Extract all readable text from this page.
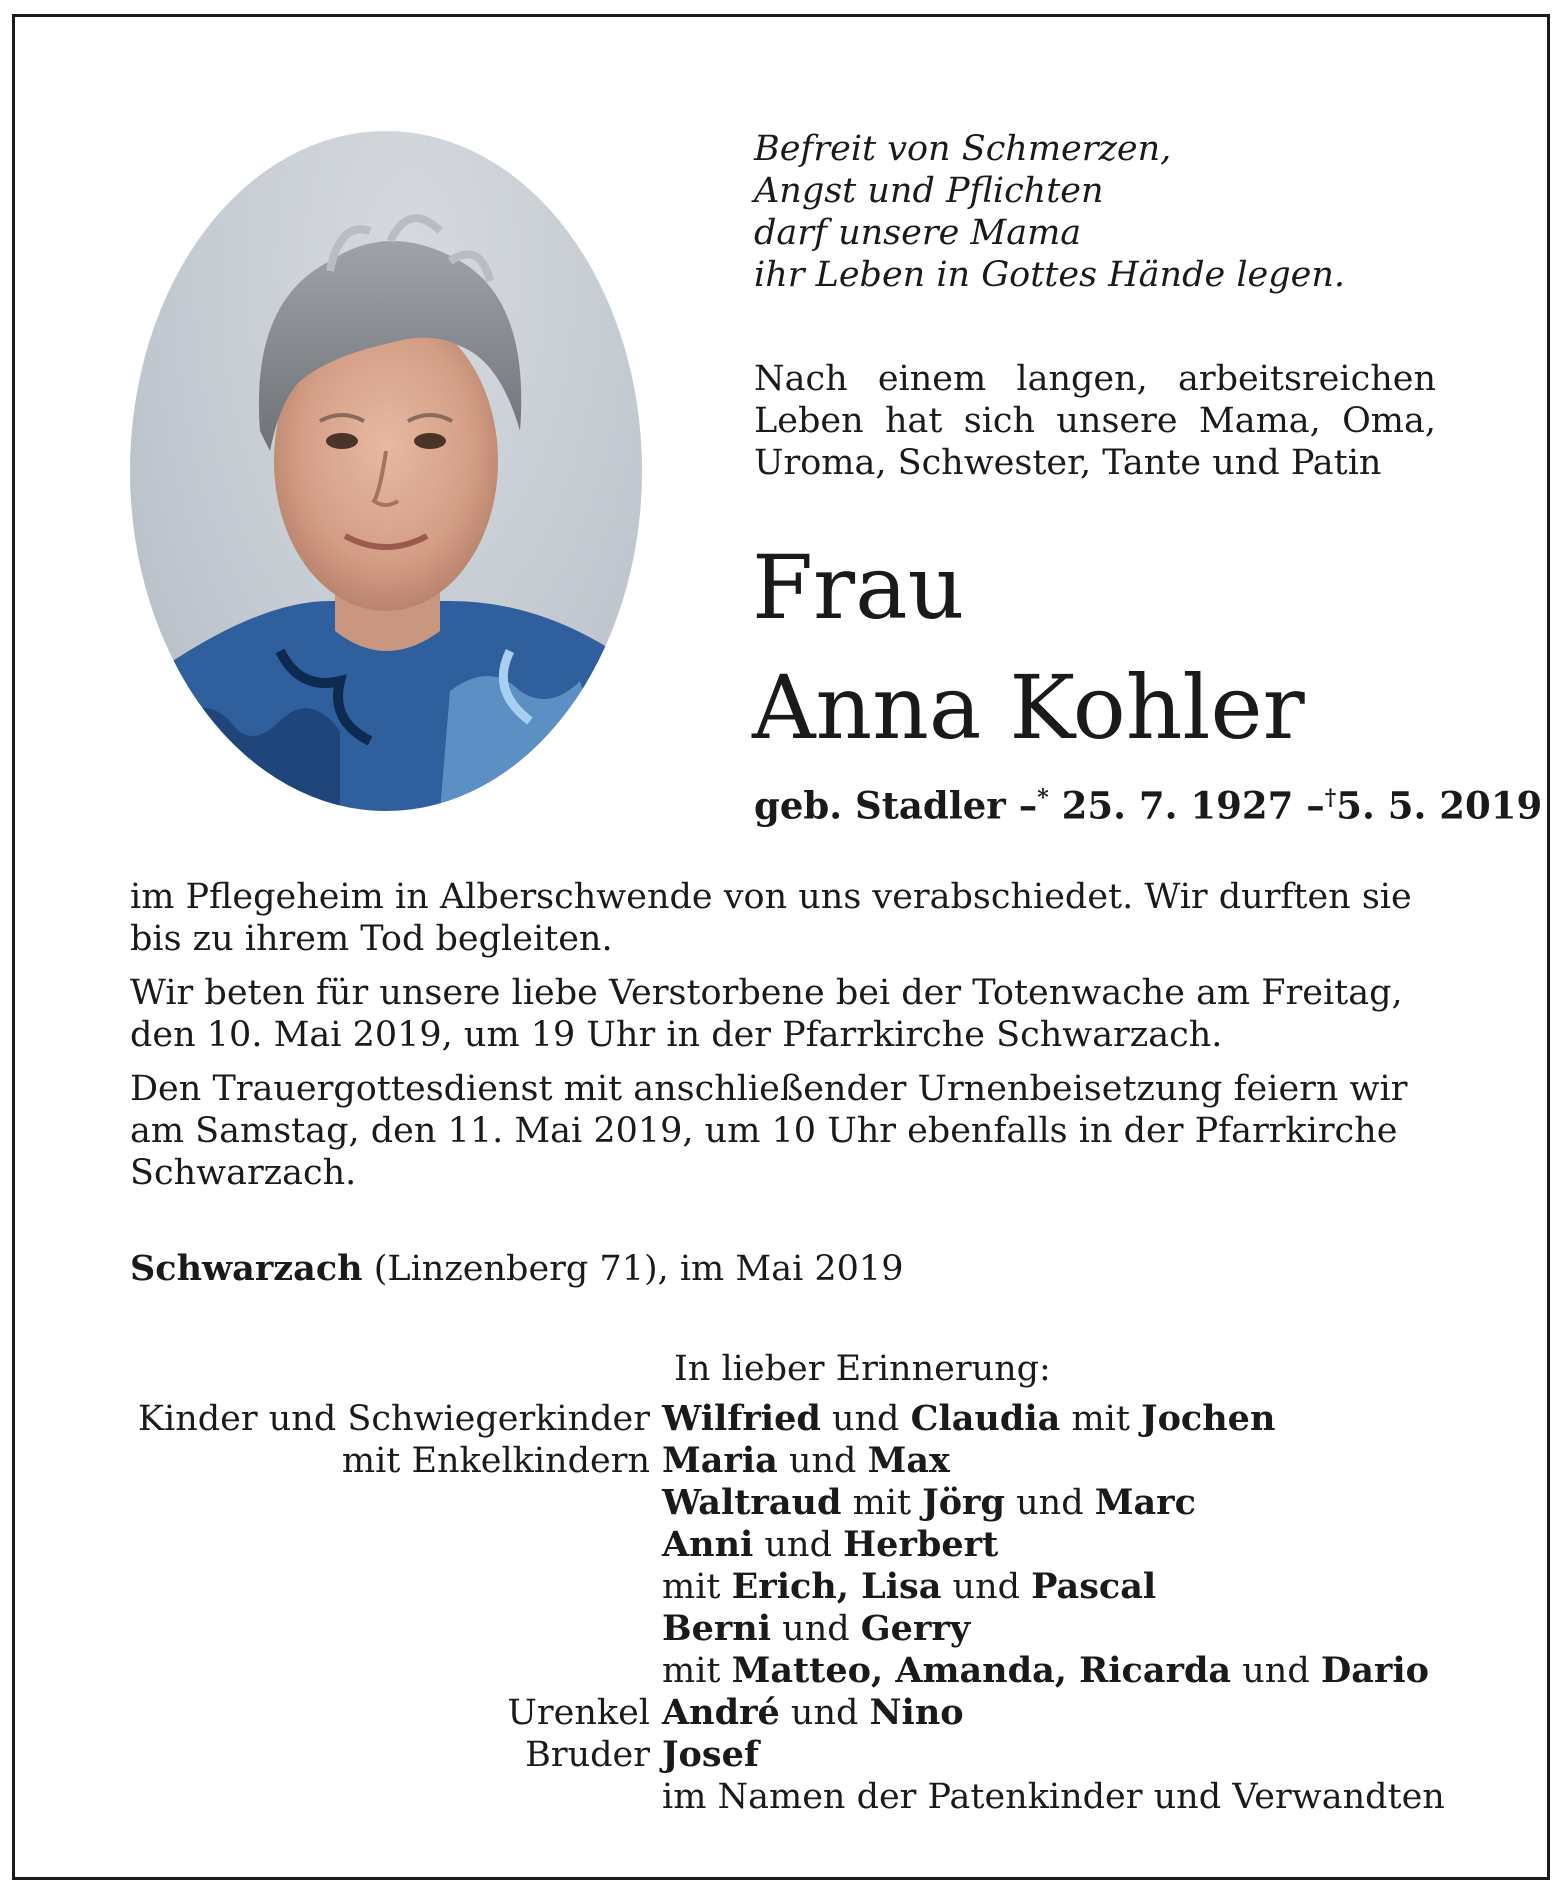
Befreit von Schmerzen,
Angst und Pflichten
darf unsere Mama
ihr Leben in Gottes Hände legen.
Nach einem langen, arbeitsreichen Leben hat sich unsere Mama, Oma, Uroma, Schwester, Tante und Patin
Frau
Anna Kohler
geb. Stadler –* 25. 7. 1927 –†5. 5. 2019

im Pflegeheim in Alberschwende von uns verabschiedet. Wir durften sie bis zu ihrem Tod begleiten.

Wir beten für unsere liebe Verstorbene bei der Totenwache am Freitag, den 10. Mai 2019, um 19 Uhr in der Pfarrkirche Schwarzach.

Den Trauergottesdienst mit anschließender Urnenbeisetzung feiern wir am Samstag, den 11. Mai 2019, um 10 Uhr ebenfalls in der Pfarrkirche Schwarzach.

Schwarzach (Linzenberg 71), im Mai 2019
In lieber Erinnerung:
Kinder und Schwiegerkinder Wilfried und Claudia mit Jochen
mit Enkelkindern Maria und Max
Waltraud mit Jörg und Marc
Anni und Herbert
mit Erich, Lisa und Pascal
Berni und Gerry
mit Matteo, Amanda, Ricarda und Dario
Urenkel André und Nino
Bruder Josef
im Namen der Patenkinder und Verwandten
